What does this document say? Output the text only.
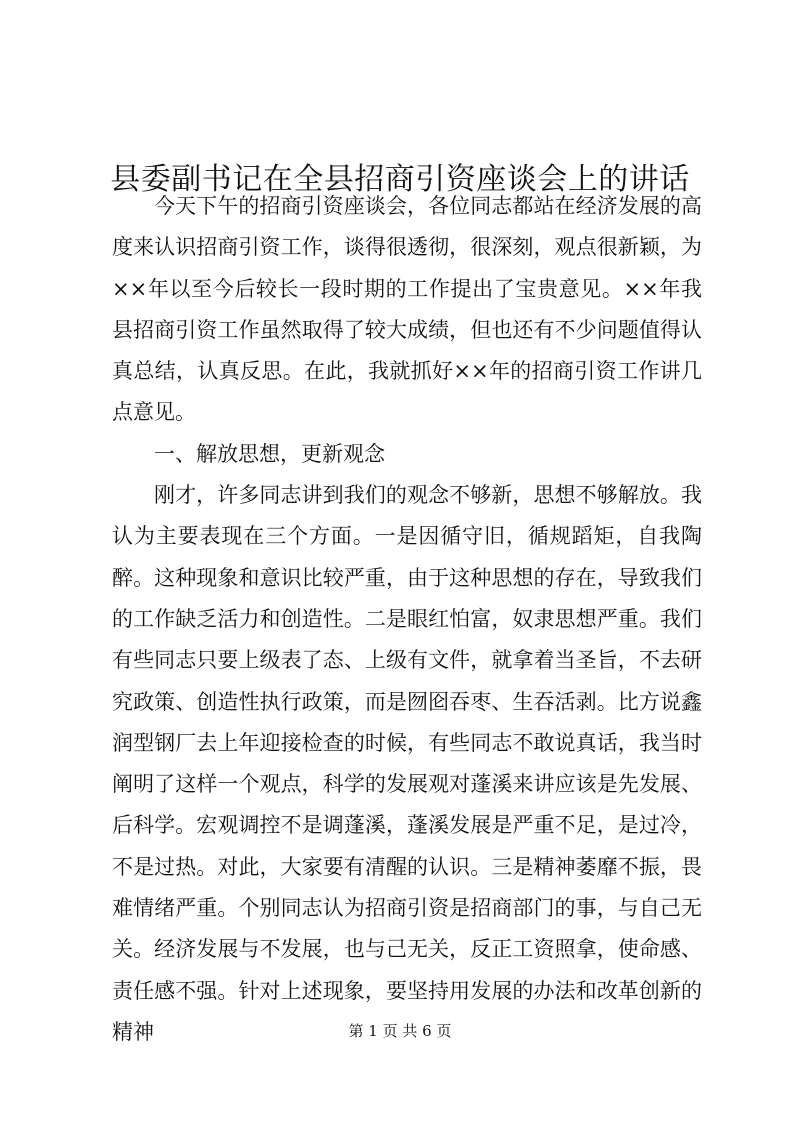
县委副书记在全县招商引资座谈会上的讲话

今天下午的招商引资座谈会，各位同志都站在经济发展的高度来认识招商引资工作，谈得很透彻，很深刻，观点很新颖，为××年以至今后较长一段时期的工作提出了宝贵意见。××年我县招商引资工作虽然取得了较大成绩，但也还有不少问题值得认真总结，认真反思。在此，我就抓好××年的招商引资工作讲几点意见。

一、解放思想，更新观念

刚才，许多同志讲到我们的观念不够新，思想不够解放。我认为主要表现在三个方面。一是因循守旧，循规蹈矩，自我陶醉。这种现象和意识比较严重，由于这种思想的存在，导致我们的工作缺乏活力和创造性。二是眼红怕富，奴隶思想严重。我们有些同志只要上级表了态、上级有文件，就拿着当圣旨，不去研究政策、创造性执行政策，而是囫囵吞枣、生吞活剥。比方说鑫润型钢厂去上年迎接检查的时候，有些同志不敢说真话，我当时阐明了这样一个观点，科学的发展观对蓬溪来讲应该是先发展、后科学。宏观调控不是调蓬溪，蓬溪发展是严重不足，是过冷，不是过热。对此，大家要有清醒的认识。三是精神萎靡不振，畏难情绪严重。个别同志认为招商引资是招商部门的事，与自己无关。经济发展与不发展，也与己无关，反正工资照拿，使命感、责任感不强。针对上述现象，要坚持用发展的办法和改革创新的精神	第 1 页 共 6 页
